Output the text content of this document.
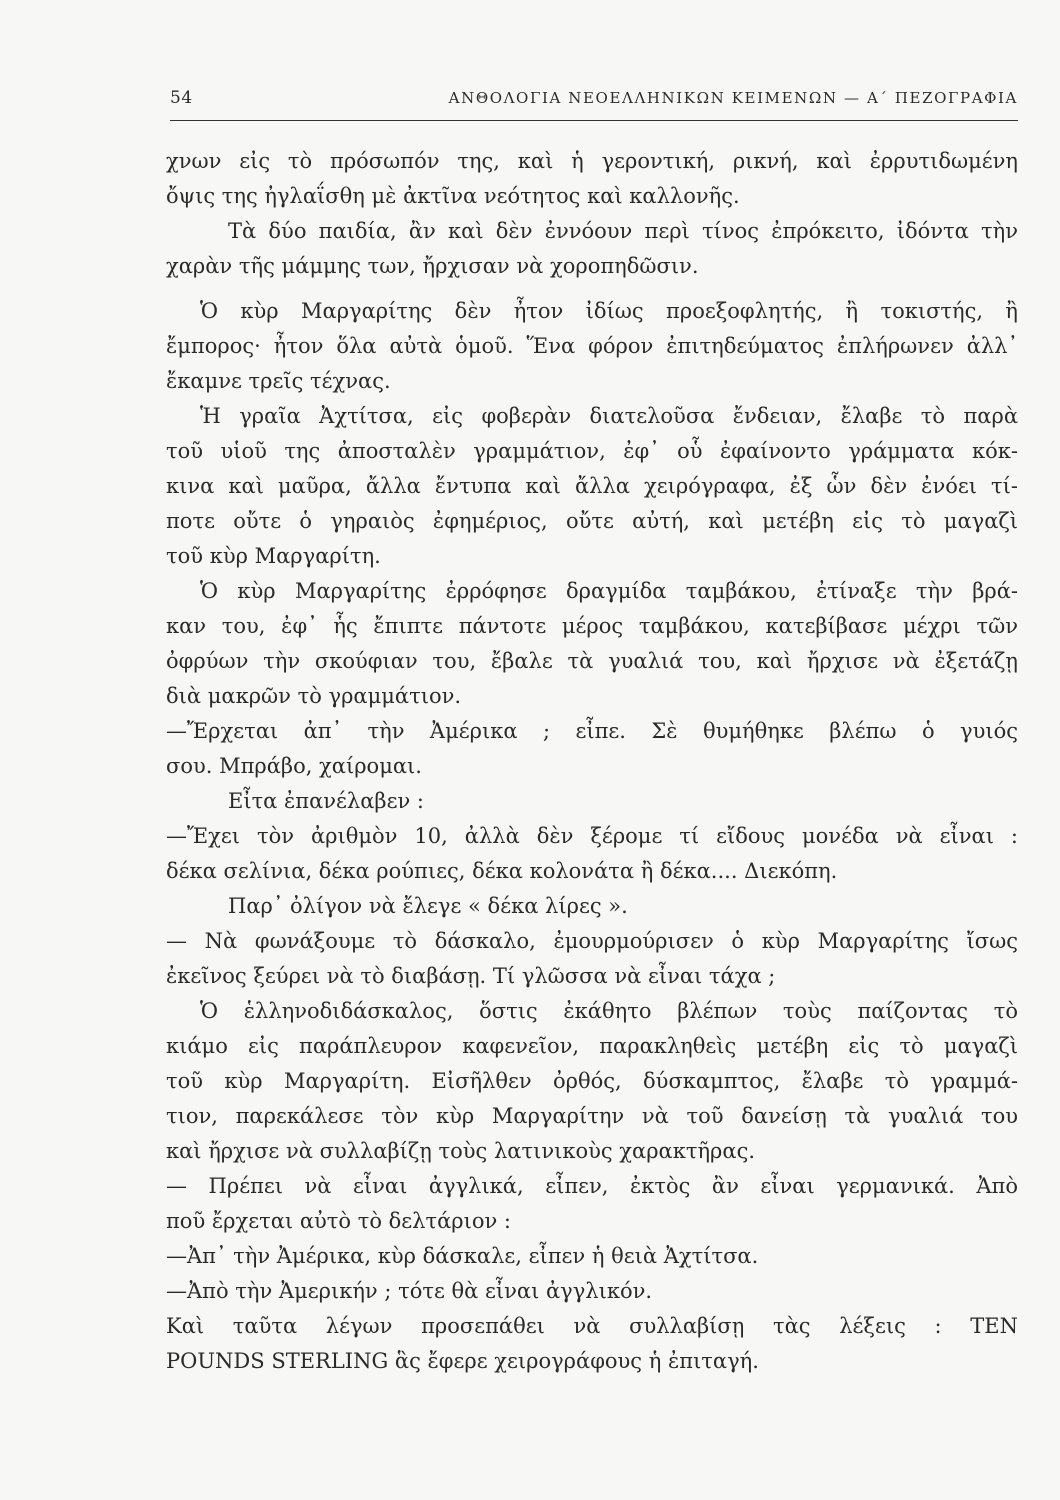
54	ΑΝΘΟΛΟΓΙΑ ΝΕΟΕΛΛΗΝΙΚΩΝ ΚΕΙΜΕΝΩΝ — Α΄ ΠΕΖΟΓΡΑΦΙΑ
χνων εἰς τὸ πρόσωπόν της, καὶ ἡ γεροντική, ρικνή, καὶ ἐρρυτιδωμένη
ὄψις της ἠγλαΐσθη μὲ ἀκτῖνα νεότητος καὶ καλλονῆς.
Τὰ δύο παιδία, ἂν καὶ δὲν ἐννόουν περὶ τίνος ἐπρόκειτο, ἰδόντα τὴν
χαρὰν τῆς μάμμης των, ἤρχισαν νὰ χοροπηδῶσιν.
Ὁ κὺρ Μαργαρίτης δὲν ἦτον ἰδίως προεξοφλητής, ἢ τοκιστής, ἢ
ἔμπορος· ἦτον ὅλα αὐτὰ ὁμοῦ. Ἕνα φόρον ἐπιτηδεύματος ἐπλήρωνεν ἀλλ᾿
ἔκαμνε τρεῖς τέχνας.
Ἡ γραῖα Ἀχτίτσα, εἰς φοβερὰν διατελοῦσα ἔνδειαν, ἔλαβε τὸ παρὰ
τοῦ υἱοῦ της ἀποσταλὲν γραμμάτιον, ἐφ᾿ οὗ ἐφαίνοντο γράμματα κόκ-
κινα καὶ μαῦρα, ἄλλα ἔντυπα καὶ ἄλλα χειρόγραφα, ἐξ ὧν δὲν ἐνόει τί-
ποτε οὔτε ὁ γηραιὸς ἐφημέριος, οὔτε αὐτή, καὶ μετέβη εἰς τὸ μαγαζὶ
τοῦ κὺρ Μαργαρίτη.
Ὁ κὺρ Μαργαρίτης ἐρρόφησε δραγμίδα ταμβάκου, ἐτίναξε τὴν βρά-
καν του, ἐφ᾿ ἧς ἔπιπτε πάντοτε μέρος ταμβάκου, κατεβίβασε μέχρι τῶν
ὀφρύων τὴν σκούφιαν του, ἔβαλε τὰ γυαλιά του, καὶ ἤρχισε νὰ ἐξετάζῃ
διὰ μακρῶν τὸ γραμμάτιον.
—Ἔρχεται ἀπ᾿ τὴν Ἀμέρικα ; εἶπε. Σὲ θυμήθηκε βλέπω ὁ γυιός
σου. Μπράβο, χαίρομαι.
Εἶτα ἐπανέλαβεν :
—Ἔχει τὸν ἀριθμὸν 10, ἀλλὰ δὲν ξέρομε τί εἴδους μονέδα νὰ εἶναι :
δέκα σελίνια, δέκα ρούπιες, δέκα κολονάτα ἢ δέκα.... Διεκόπη.
Παρ᾿ ὀλίγον νὰ ἔλεγε « δέκα λίρες ».
— Νὰ φωνάξουμε τὸ δάσκαλο, ἐμουρμούρισεν ὁ κὺρ Μαργαρίτης ἴσως
ἐκεῖνος ξεύρει νὰ τὸ διαβάσῃ. Τί γλῶσσα νὰ εἶναι τάχα ;
Ὁ ἑλληνοδιδάσκαλος, ὅστις ἐκάθητο βλέπων τοὺς παίζοντας τὸ
κιάμο εἰς παράπλευρον καφενεῖον, παρακληθεὶς μετέβη εἰς τὸ μαγαζὶ
τοῦ κὺρ Μαργαρίτη. Εἰσῆλθεν ὀρθός, δύσκαμπτος, ἔλαβε τὸ γραμμά-
τιον, παρεκάλεσε τὸν κὺρ Μαργαρίτην νὰ τοῦ δανείσῃ τὰ γυαλιά του
καὶ ἤρχισε νὰ συλλαβίζῃ τοὺς λατινικοὺς χαρακτῆρας.
— Πρέπει νὰ εἶναι ἀγγλικά, εἶπεν, ἐκτὸς ἂν εἶναι γερμανικά. Ἀπὸ
ποῦ ἔρχεται αὐτὸ τὸ δελτάριον :
—Ἀπ᾿ τὴν Ἀμέρικα, κὺρ δάσκαλε, εἶπεν ἡ θειὰ Ἀχτίτσα.
—Ἀπὸ τὴν Ἀμερικήν ; τότε θὰ εἶναι ἀγγλικόν.
Καὶ ταῦτα λέγων προσεπάθει νὰ συλλαβίσῃ τὰς λέξεις : TEN
POUNDS STERLING ἃς ἔφερε χειρογράφους ἡ ἐπιταγή.
